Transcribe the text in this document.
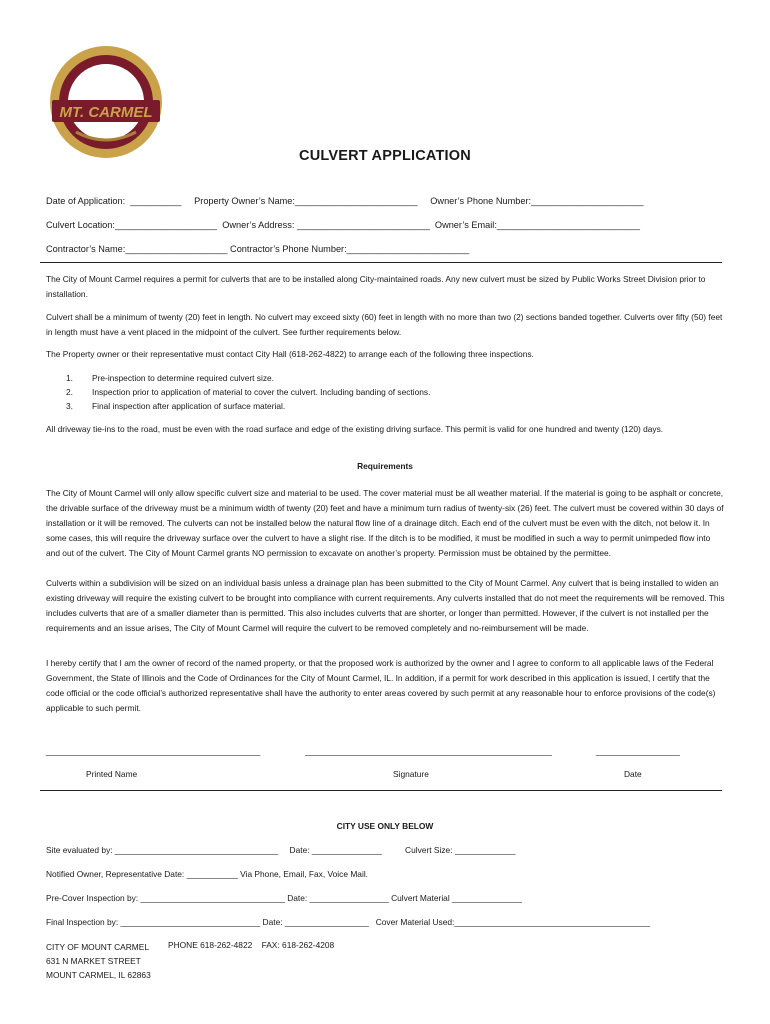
CITY ON THE MOVE
MT. CARMEL
CULVERT APPLICATION
Date of Application:  __________     Property Owner’s Name:________________________     Owner’s Phone Number:______________________
Culvert Location:____________________  Owner’s Address: __________________________  Owner’s Email:____________________________
Contractor’s Name:____________________ Contractor’s Phone Number:________________________
The City of Mount Carmel requires a permit for culverts that are to be installed along City-maintained roads. Any new culvert must be sized by Public Works Street Division prior to installation.
Culvert shall be a minimum of twenty (20) feet in length. No culvert may exceed sixty (60) feet in length with no more than two (2) sections banded together. Culverts over fifty (50) feet in length must have a vent placed in the midpoint of the culvert. See further requirements below.
The Property owner or their representative must contact City Hall (618-262-4822) to arrange each of the following three inspections.
1.	Pre-inspection to determine required culvert size.
2.	Inspection prior to application of material to cover the culvert. Including banding of sections.
3.	Final inspection after application of surface material.
All driveway tie-ins to the road, must be even with the road surface and edge of the existing driving surface. This permit is valid for one hundred and twenty (120) days.
Requirements
The City of Mount Carmel will only allow specific culvert size and material to be used. The cover material must be all weather material. If the material is going to be asphalt or concrete, the drivable surface of the driveway must be a minimum width of twenty (20) feet and have a minimum turn radius of twenty-six (26) feet. The culvert must be covered within 30 days of installation or it will be removed. The culverts can not be installed below the natural flow line of a drainage ditch. Each end of the culvert must be even with the ditch, not below it. In some cases, this will require the driveway surface over the culvert to have a slight rise. If the ditch is to be modified, it must be modified in such a way to permit unimpeded flow into and out of the culvert. The City of Mount Carmel grants NO permission to excavate on another’s property. Permission must be obtained by the permittee.
Culverts within a subdivision will be sized on an individual basis unless a drainage plan has been submitted to the City of Mount Carmel. Any culvert that is being installed to widen an existing driveway will require the existing culvert to be brought into compliance with current requirements. Any culverts installed that do not meet the requirements will be removed. This includes culverts that are of a smaller diameter than is permitted. This also includes culverts that are shorter, or longer than permitted. However, if the culvert is not installed per the requirements and an issue arises, The City of Mount Carmel will require the culvert to be removed completely and no-reimbursement will be made.
I hereby certify that I am the owner of record of the named property, or that the proposed work is authorized by the owner and I agree to conform to all applicable laws of the Federal Government, the State of Illinois and the Code of Ordinances for the City of Mount Carmel, IL. In addition, if a permit for work described in this application is issued, I certify that the code official or the code official’s authorized representative shall have the authority to enter areas covered by such permit at any reasonable hour to enforce provisions of the code(s) applicable to such permit.
______________________________________________	_____________________________________________________	__________________
Printed Name	Signature	Date
CITY USE ONLY BELOW
Site evaluated by: ___________________________________     Date: _______________          Culvert Size: _____________
Notified Owner, Representative Date: ___________ Via Phone, Email, Fax, Voice Mail.
Pre-Cover Inspection by: _______________________________ Date: _________________ Culvert Material _______________
Final Inspection by: ______________________________ Date: __________________   Cover Material Used:__________________________________________
CITY OF MOUNT CARMEL
631 N MARKET STREET
MOUNT CARMEL, IL 62863
PHONE 618-262-4822    FAX: 618-262-4208
